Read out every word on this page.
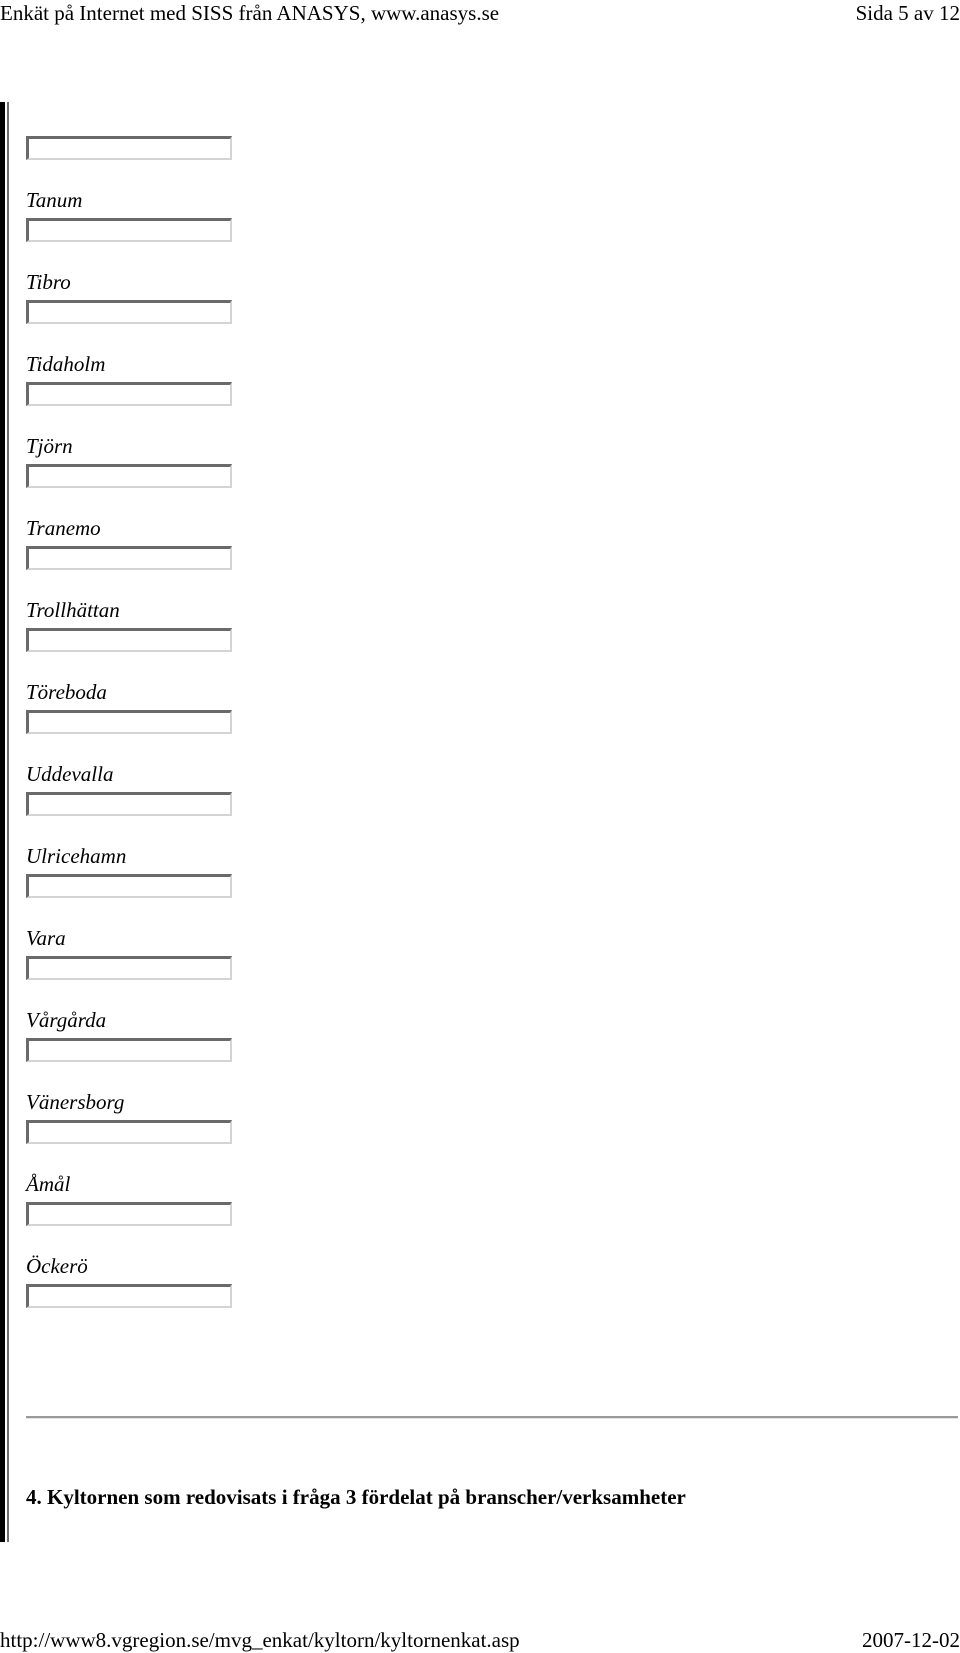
Enkät på Internet med SISS från ANASYS, www.anasys.se	Sida 5 av 12
Tanum
Tibro
Tidaholm
Tjörn
Tranemo
Trollhättan
Töreboda
Uddevalla
Ulricehamn
Vara
Vårgårda
Vänersborg
Åmål
Öckerö
4. Kyltornen som redovisats i fråga 3 fördelat på branscher/verksamheter
http://www8.vgregion.se/mvg_enkat/kyltorn/kyltornenkat.asp	2007-12-02
